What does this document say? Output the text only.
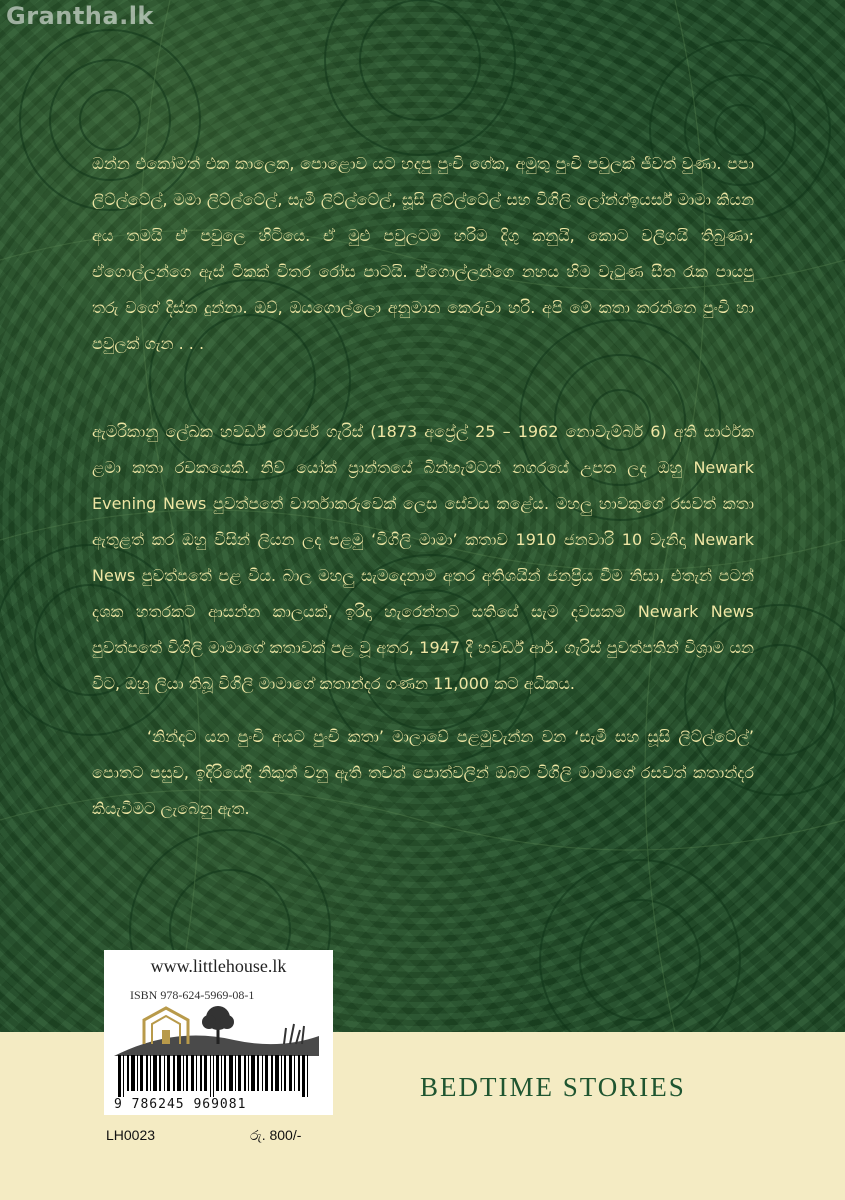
Grantha.lk
ඔන්න එකෝමත් එක කාලෙක, පොළොව යට හදපු පුංචි ගේක, අමුතු පුංචි පවුලක් ජීවත් වුණා. පපා ලිට්ල්ටේල්, මමා ලිට්ල්ටේල්, සැමී ලිට්ල්ටේල්, සූසි ලිට්ල්ටේල් සහ විගිලි ලෝන්ග්ඉයර්ස් මාමා කියන අය තමයි ඒ පවුලෙ හිටියෙ. ඒ මුළු පවුලටම හරිම දිගු කනුයි, කොට වලිගයි තිබුණා; ඒගොල්ලන්ගෙ ඇස් ටිකක් විතර රෝස පාටයි. ඒගොල්ලන්ගෙ නහය හිම වැටුණ සීත රෑක පායපු තරු වගේ දිස්න දුන්නා. ඔව්, ඔයගොල්ලො අනුමාන කෙරුවා හරි. අපි මේ කතා කරන්නෙ පුංචි හා පවුලක් ගැන . . .
ඇමරිකානු ලේඛක හවර්ඩ් රොජර් ගැරිස් (1873 අප්‍රේල් 25 – 1962 නොවැම්බර් 6) අති සාර්ථක ළමා කතා රචකයෙකි. නිව් යෝක් ප්‍රාන්තයේ බින්හැම්ටන් නගරයේ උපත ලද ඔහු Newark Evening News පුවත්පතේ වාර්තාකරුවෙක් ලෙස සේවය කළේය. මහලු හාවකුගේ රසවත් කතා ඇතුළත් කර ඔහු විසින් ලියන ලද පළමු ‘විගිලි මාමා’ කතාව 1910 ජනවාරි 10 වැනිදා Newark News පුවත්පතේ පළ වීය. බාල මහලු සැමදෙනාම අතර අතිශයින් ජනප්‍රිය වීම නිසා, එතැන් පටන් දශක හතරකට ආසන්න කාලයක්, ඉරිදා හැරෙන්නට සතියේ සැම දවසකම Newark News පුවත්පතේ විගිලි මාමාගේ කතාවක් පළ වූ අතර, 1947 දී හවර්ඩ් ආර්. ගැරිස් පුවත්පතින් විශ්‍රාම යන විට, ඔහු ලියා තිබූ විගිලි මාමාගේ කතාන්දර ගණන 11,000 කට අධිකය.
‘නින්දට යන පුංචි අයට පුංචි කතා’ මාලාවේ පළමුවැන්න වන ‘සැමී සහ සූසි ලිට්ල්ටේල්’ පොතට පසුව, ඉදිරියේදී නිකුත් වනු ඇති තවත් පොත්වලින් ඔබට විගිලි මාමාගේ රසවත් කතාන්දර කියැවීමට ලැබෙනු ඇත.
www.littlehouse.lk
ISBN 978-624-5969-08-1
9 786245 969081
BEDTIME STORIES
LH0023	රු. 800/-
